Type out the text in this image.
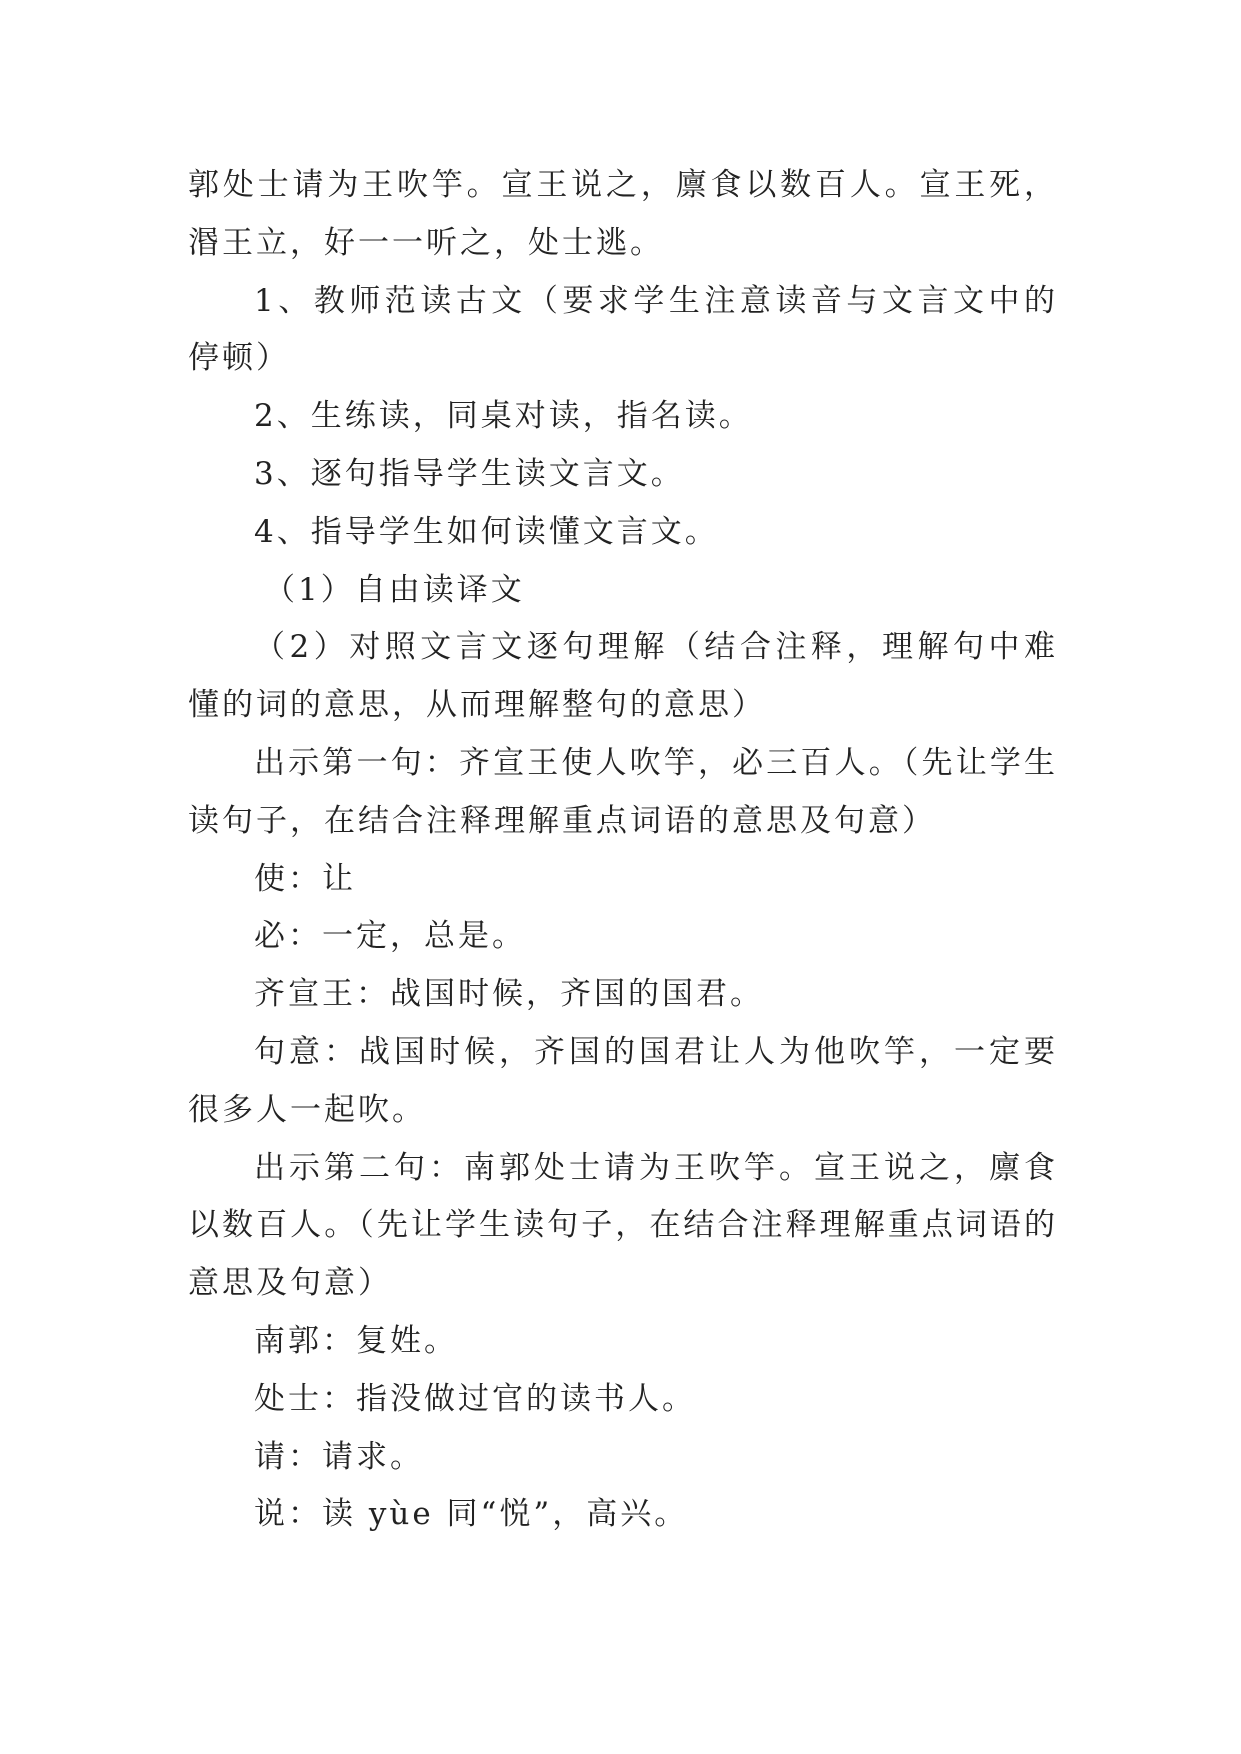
郭处士请为王吹竽。宣王说之，廪食以数百人。宣王死，湣王立，好一一听之，处士逃。

1、教师范读古文（要求学生注意读音与文言文中的停顿）

2、生练读，同桌对读，指名读。

3、逐句指导学生读文言文。

4、指导学生如何读懂文言文。

（1）自由读译文

（2）对照文言文逐句理解（结合注释，理解句中难懂的词的意思，从而理解整句的意思）

出示第一句：齐宣王使人吹竽，必三百人。（先让学生读句子，在结合注释理解重点词语的意思及句意）

使：让

必：一定，总是。

齐宣王：战国时候，齐国的国君。

句意：战国时候，齐国的国君让人为他吹竽，一定要很多人一起吹。

出示第二句：南郭处士请为王吹竽。宣王说之，廪食以数百人。（先让学生读句子，在结合注释理解重点词语的意思及句意）

南郭：复姓。

处士：指没做过官的读书人。

请：请求。

说：读 yùe 同“悦”，高兴。
